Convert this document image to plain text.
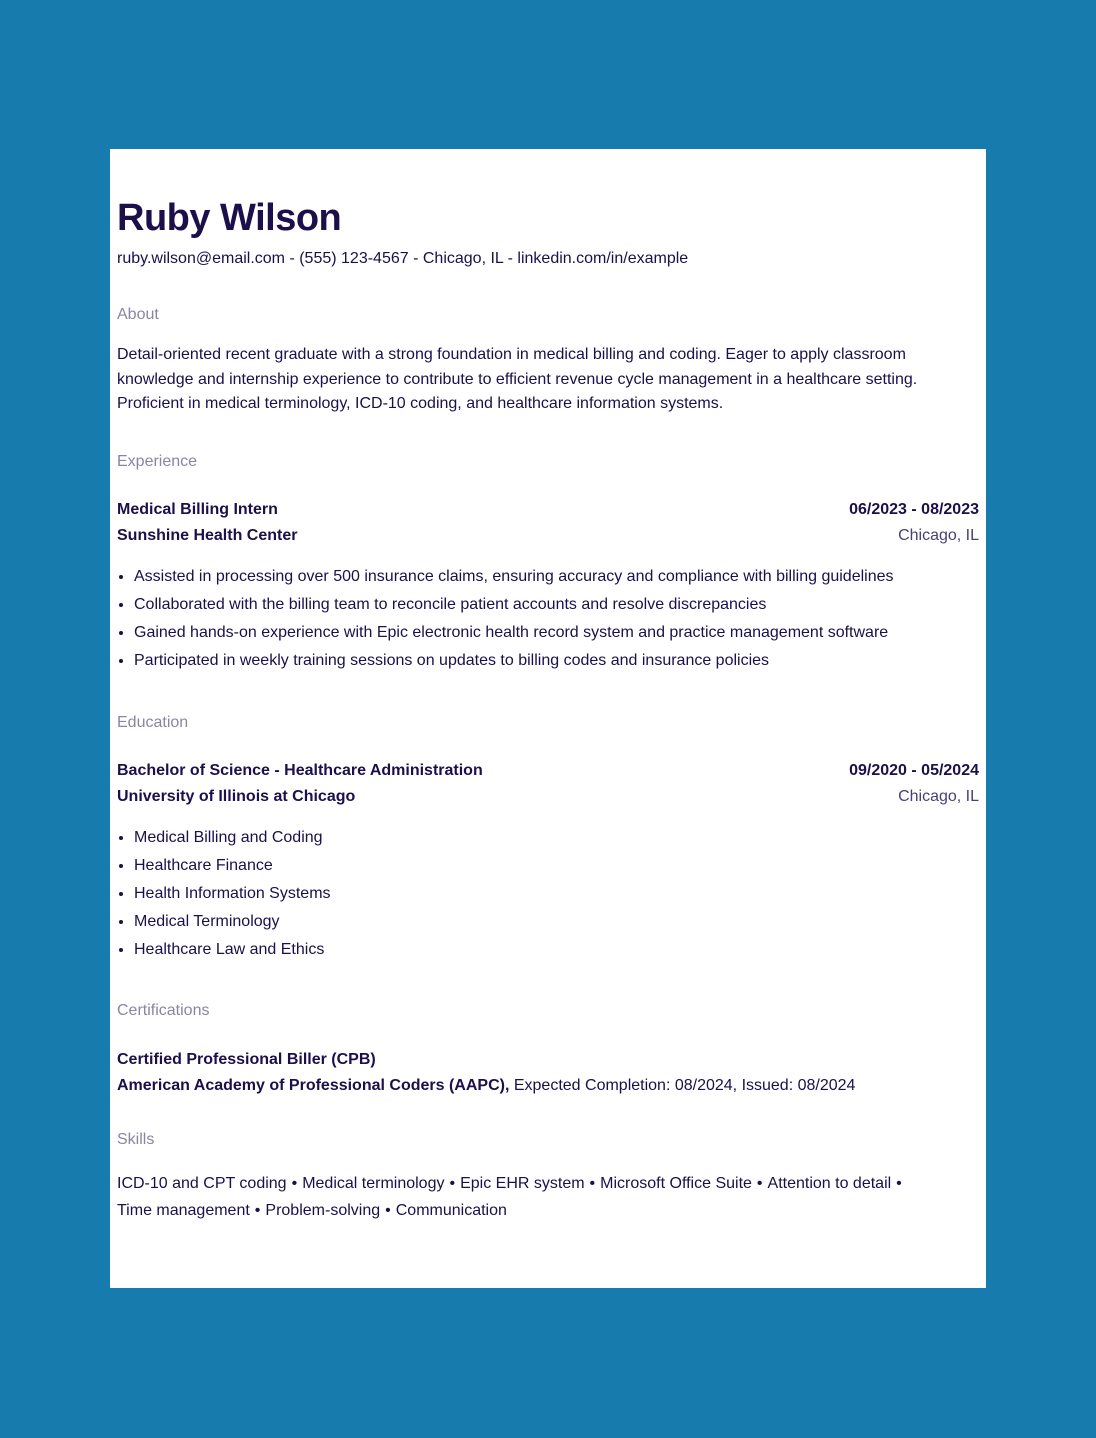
Ruby Wilson
ruby.wilson@email.com - (555) 123-4567 - Chicago, IL - linkedin.com/in/example
About
Detail-oriented recent graduate with a strong foundation in medical billing and coding. Eager to apply classroom knowledge and internship experience to contribute to efficient revenue cycle management in a healthcare setting. Proficient in medical terminology, ICD-10 coding, and healthcare information systems.
Experience
Medical Billing Intern	06/2023 - 08/2023
Sunshine Health Center	Chicago, IL
• Assisted in processing over 500 insurance claims, ensuring accuracy and compliance with billing guidelines
• Collaborated with the billing team to reconcile patient accounts and resolve discrepancies
• Gained hands-on experience with Epic electronic health record system and practice management software
• Participated in weekly training sessions on updates to billing codes and insurance policies
Education
Bachelor of Science - Healthcare Administration	09/2020 - 05/2024
University of Illinois at Chicago	Chicago, IL
• Medical Billing and Coding
• Healthcare Finance
• Health Information Systems
• Medical Terminology
• Healthcare Law and Ethics
Certifications
Certified Professional Biller (CPB)
American Academy of Professional Coders (AAPC), Expected Completion: 08/2024, Issued: 08/2024
Skills
ICD-10 and CPT coding • Medical terminology • Epic EHR system • Microsoft Office Suite • Attention to detail •
Time management • Problem-solving • Communication
